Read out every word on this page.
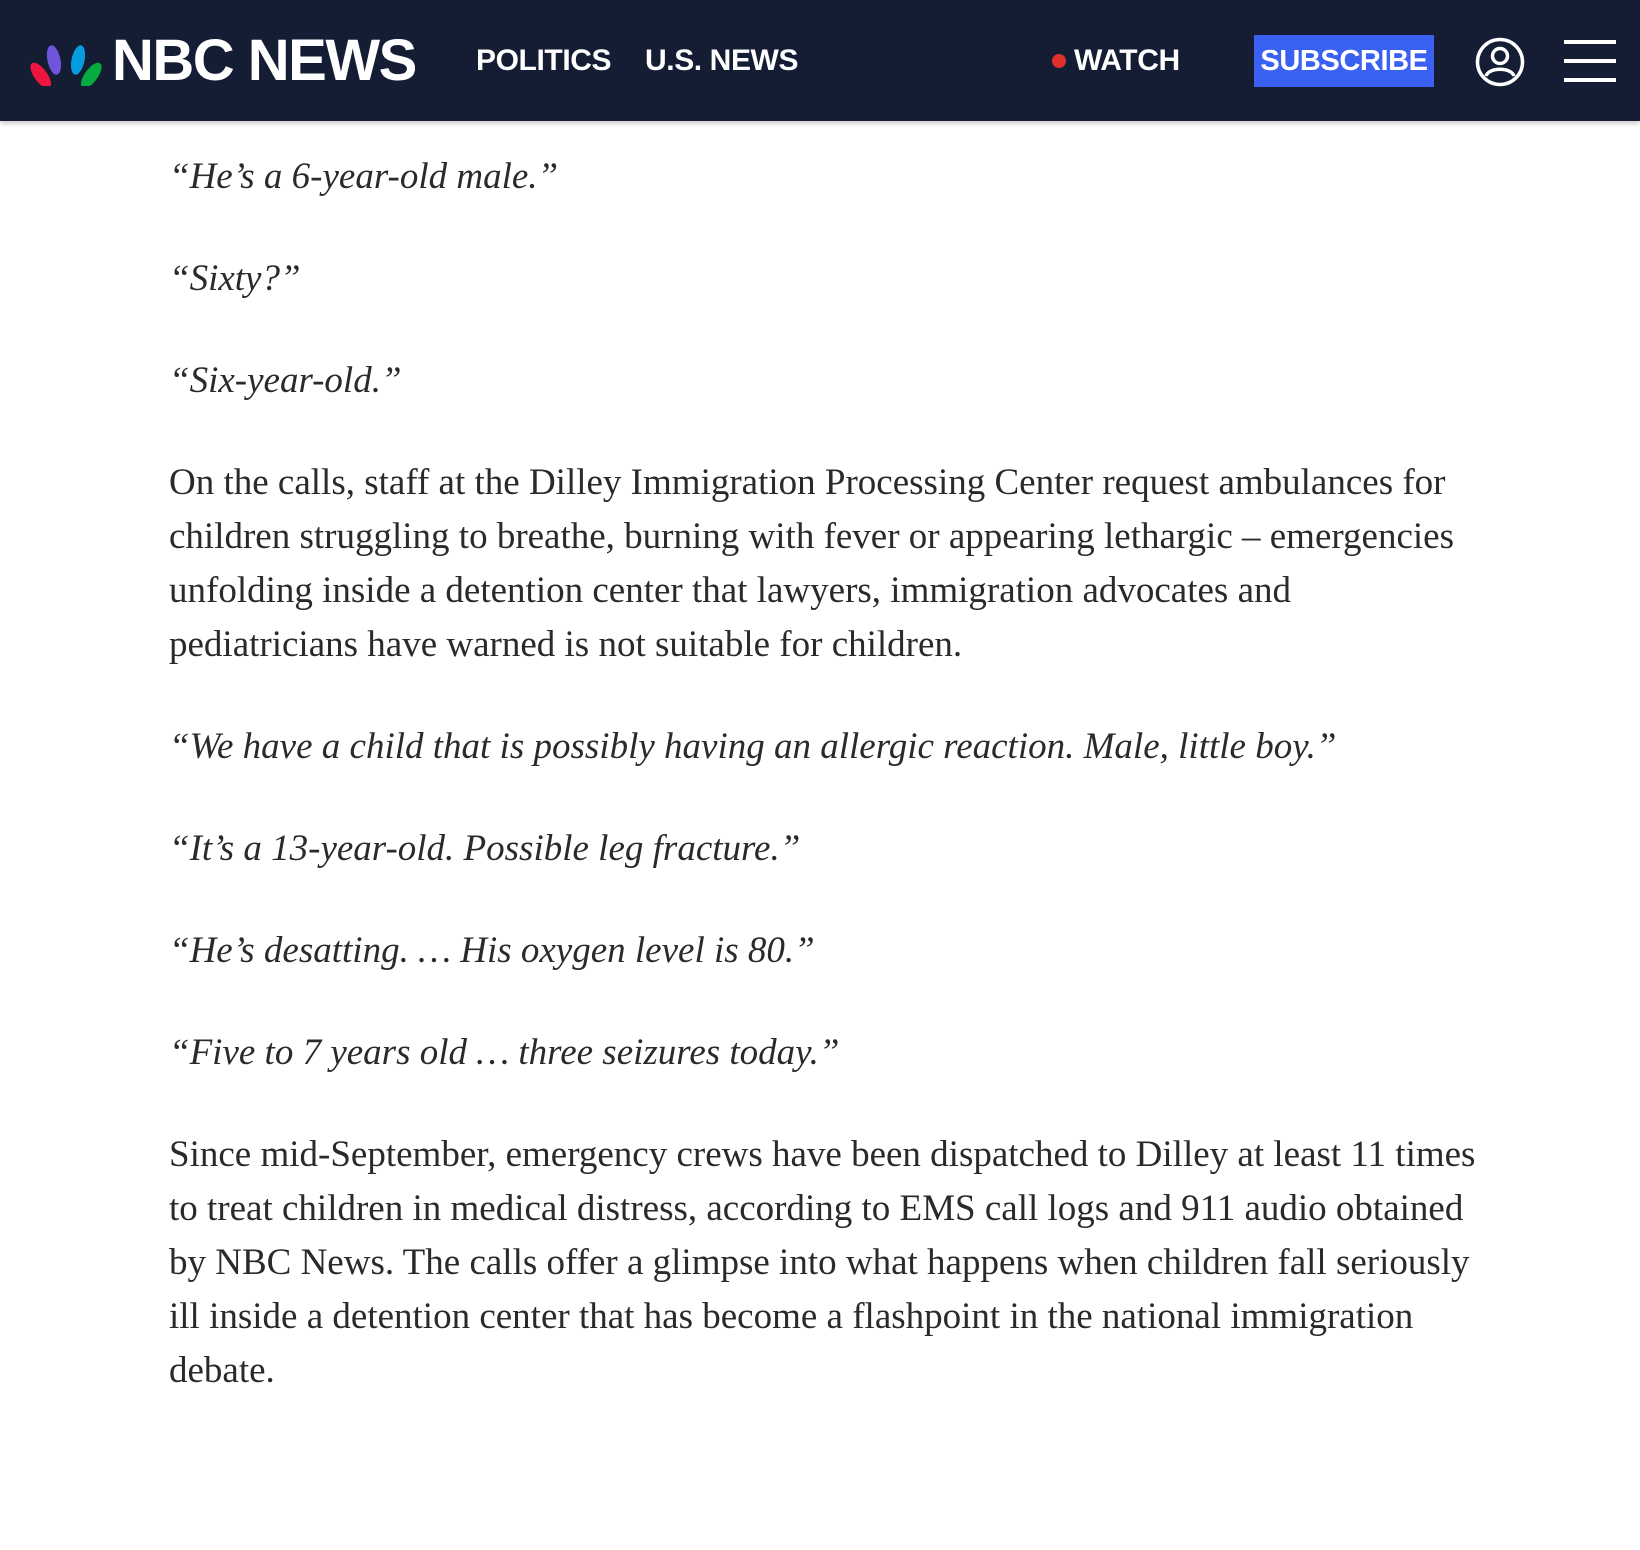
NBC NEWS POLITICS U.S. NEWS	WATCH	SUBSCRIBE

“He’s a 6-year-old male.”

“Sixty?”

“Six-year-old.”

On the calls, staff at the Dilley Immigration Processing Center request ambulances for children struggling to breathe, burning with fever or appearing lethargic – emergencies unfolding inside a detention center that lawyers, immigration advocates and pediatricians have warned is not suitable for children.

“We have a child that is possibly having an allergic reaction. Male, little boy.”

“It’s a 13-year-old. Possible leg fracture.”

“He’s desatting. … His oxygen level is 80.”

“Five to 7 years old … three seizures today.”

Since mid-September, emergency crews have been dispatched to Dilley at least 11 times to treat children in medical distress, according to EMS call logs and 911 audio obtained by NBC News. The calls offer a glimpse into what happens when children fall seriously ill inside a detention center that has become a flashpoint in the national immigration debate.
